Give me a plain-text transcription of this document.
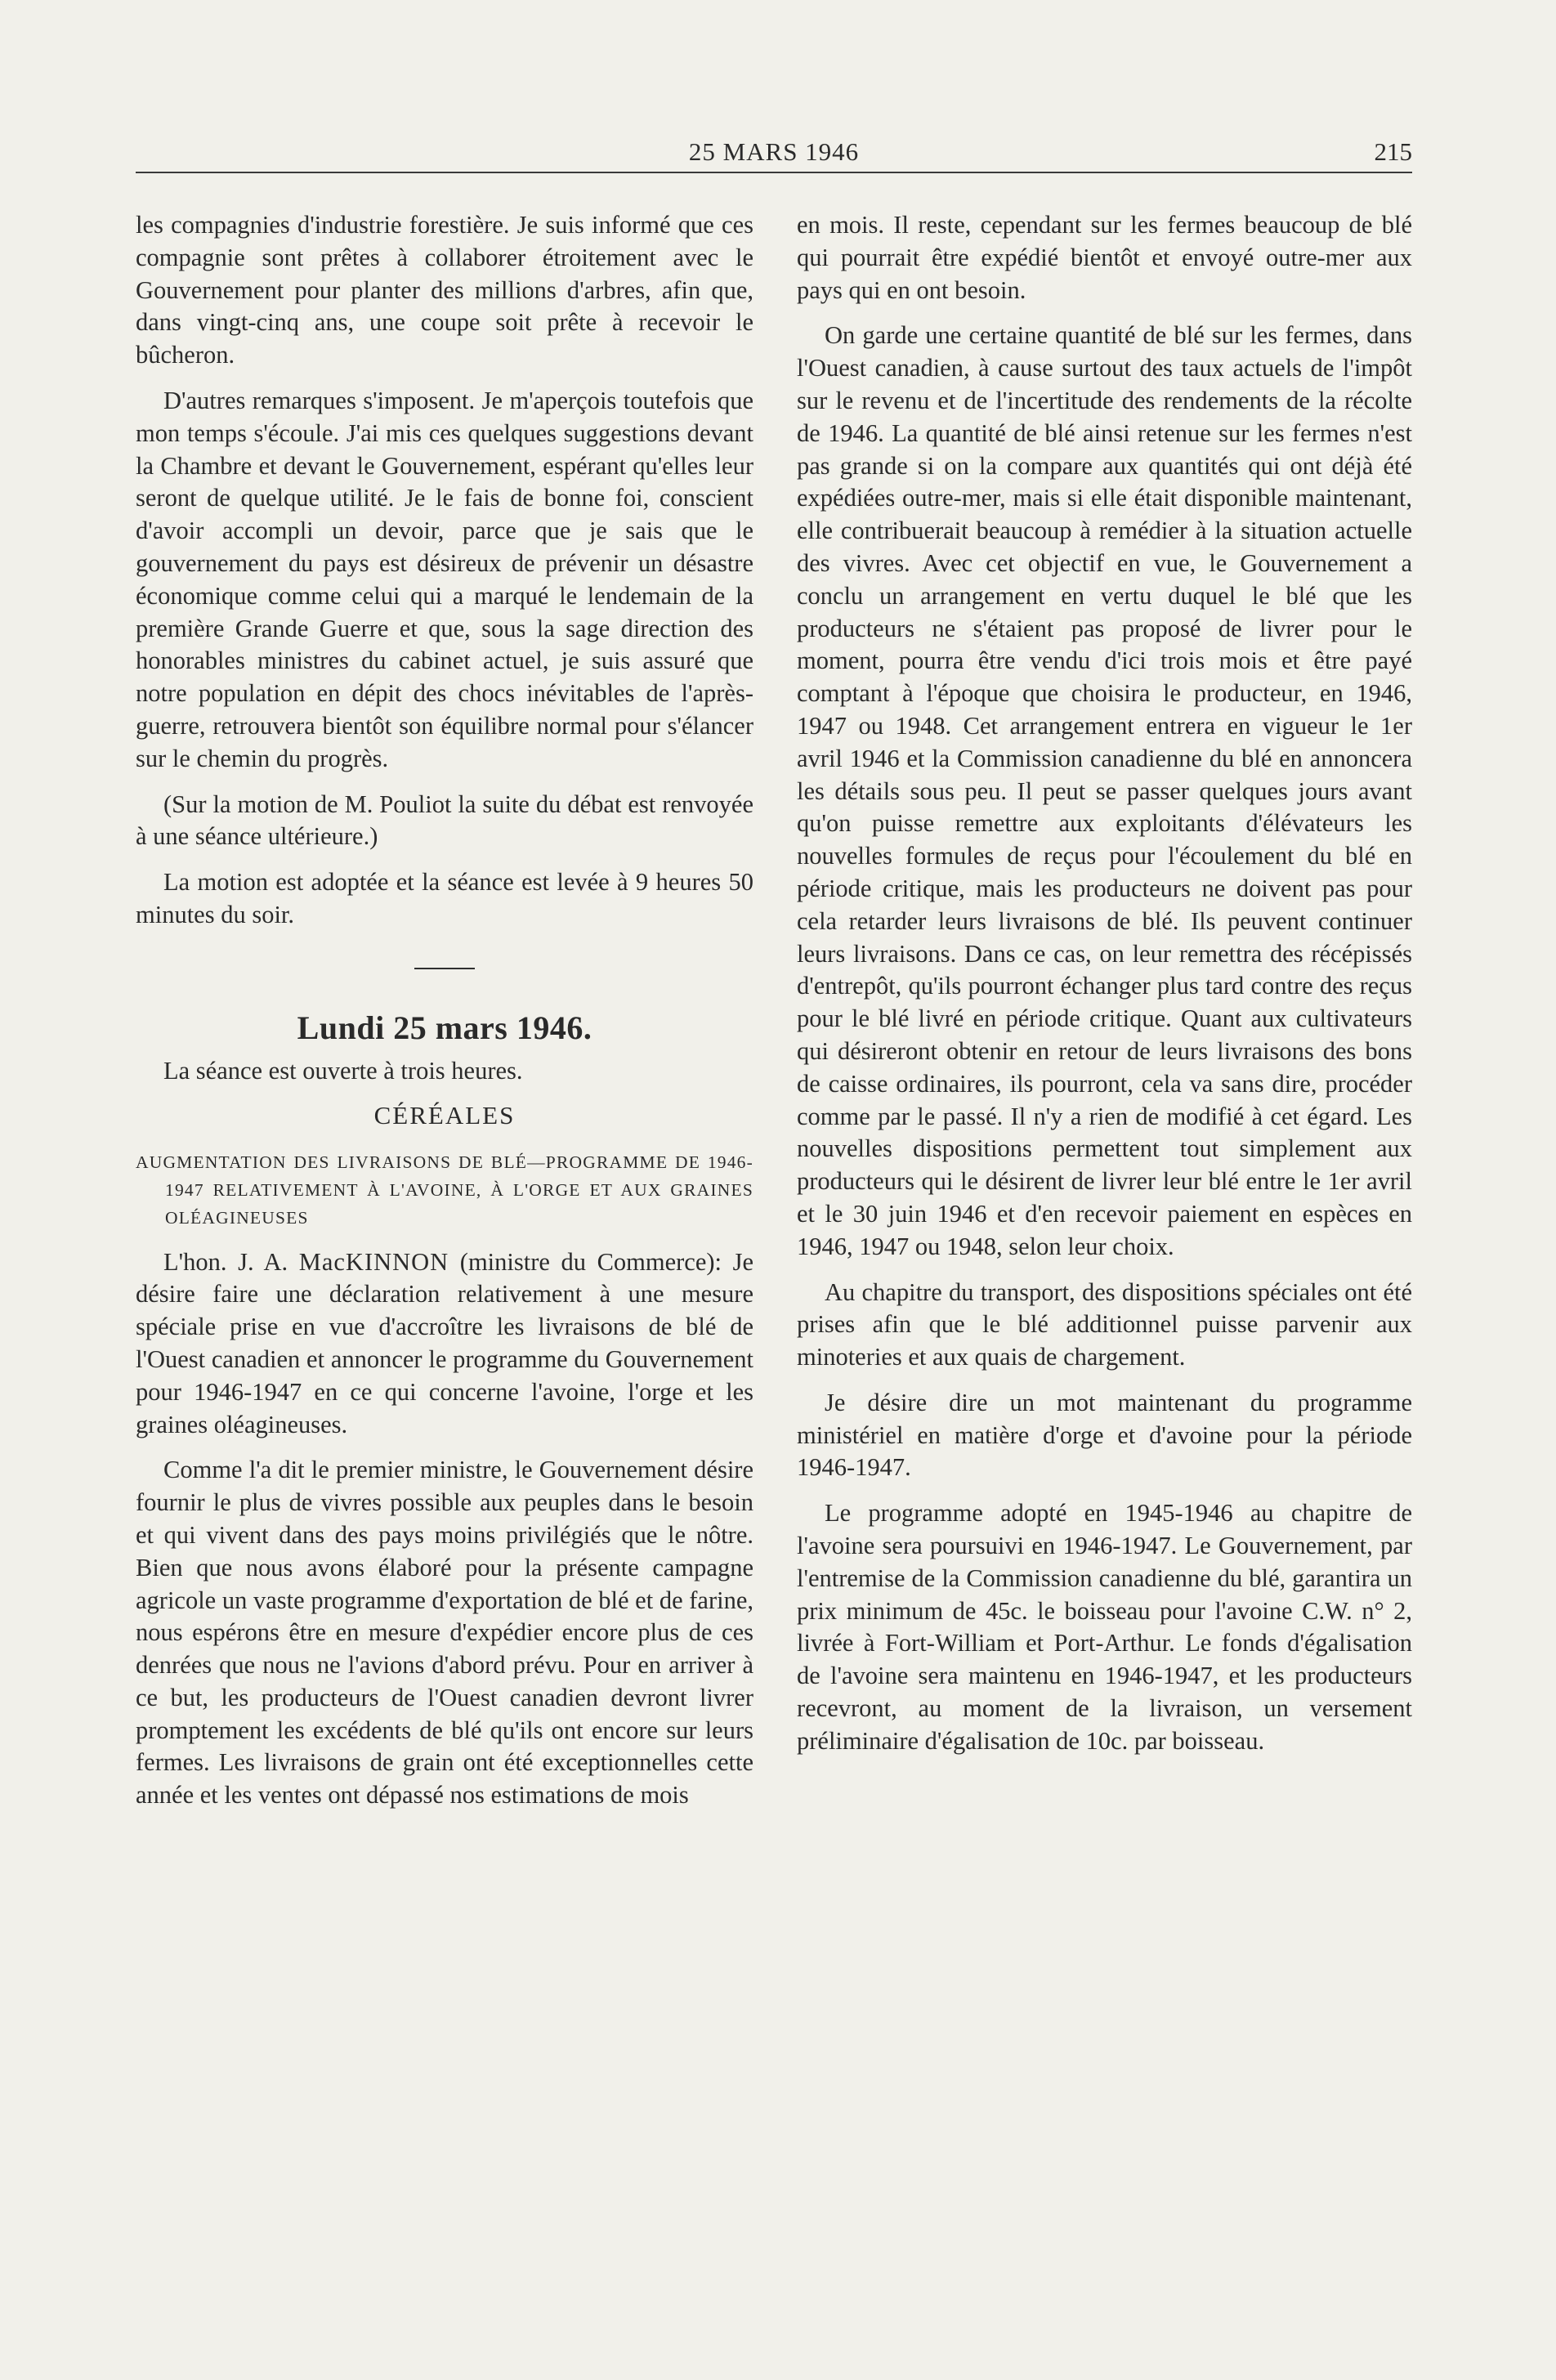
25 MARS 1946	215

les compagnies d'industrie forestière. Je suis informé que ces compagnie sont prêtes à collaborer étroitement avec le Gouvernement pour planter des millions d'arbres, afin que, dans vingt-cinq ans, une coupe soit prête à recevoir le bûcheron.

D'autres remarques s'imposent. Je m'aperçois toutefois que mon temps s'écoule. J'ai mis ces quelques suggestions devant la Chambre et devant le Gouvernement, espérant qu'elles leur seront de quelque utilité. Je le fais de bonne foi, conscient d'avoir accompli un devoir, parce que je sais que le gouvernement du pays est désireux de prévenir un désastre économique comme celui qui a marqué le lendemain de la première Grande Guerre et que, sous la sage direction des honorables ministres du cabinet actuel, je suis assuré que notre population en dépit des chocs inévitables de l'après-guerre, retrouvera bientôt son équilibre normal pour s'élancer sur le chemin du progrès.

(Sur la motion de M. Pouliot la suite du débat est renvoyée à une séance ultérieure.)

La motion est adoptée et la séance est levée à 9 heures 50 minutes du soir.

Lundi 25 mars 1946.

La séance est ouverte à trois heures.

CÉRÉALES
AUGMENTATION DES LIVRAISONS DE BLÉ—PROGRAMME DE 1946-1947 RELATIVEMENT À L'AVOINE, À L'ORGE ET AUX GRAINES OLÉAGINEUSES

L'hon. J. A. MacKINNON (ministre du Commerce): Je désire faire une déclaration relativement à une mesure spéciale prise en vue d'accroître les livraisons de blé de l'Ouest canadien et annoncer le programme du Gouvernement pour 1946-1947 en ce qui concerne l'avoine, l'orge et les graines oléagineuses.

Comme l'a dit le premier ministre, le Gouvernement désire fournir le plus de vivres possible aux peuples dans le besoin et qui vivent dans des pays moins privilégiés que le nôtre. Bien que nous avons élaboré pour la présente campagne agricole un vaste programme d'exportation de blé et de farine, nous espérons être en mesure d'expédier encore plus de ces denrées que nous ne l'avions d'abord prévu. Pour en arriver à ce but, les producteurs de l'Ouest canadien devront livrer promptement les excédents de blé qu'ils ont encore sur leurs fermes. Les livraisons de grain ont été exceptionnelles cette année et les ventes ont dépassé nos estimations de mois

en mois. Il reste, cependant sur les fermes beaucoup de blé qui pourrait être expédié bientôt et envoyé outre-mer aux pays qui en ont besoin.

On garde une certaine quantité de blé sur les fermes, dans l'Ouest canadien, à cause surtout des taux actuels de l'impôt sur le revenu et de l'incertitude des rendements de la récolte de 1946. La quantité de blé ainsi retenue sur les fermes n'est pas grande si on la compare aux quantités qui ont déjà été expédiées outre-mer, mais si elle était disponible maintenant, elle contribuerait beaucoup à remédier à la situation actuelle des vivres. Avec cet objectif en vue, le Gouvernement a conclu un arrangement en vertu duquel le blé que les producteurs ne s'étaient pas proposé de livrer pour le moment, pourra être vendu d'ici trois mois et être payé comptant à l'époque que choisira le producteur, en 1946, 1947 ou 1948. Cet arrangement entrera en vigueur le 1er avril 1946 et la Commission canadienne du blé en annoncera les détails sous peu. Il peut se passer quelques jours avant qu'on puisse remettre aux exploitants d'élévateurs les nouvelles formules de reçus pour l'écoulement du blé en période critique, mais les producteurs ne doivent pas pour cela retarder leurs livraisons de blé. Ils peuvent continuer leurs livraisons. Dans ce cas, on leur remettra des récépissés d'entrepôt, qu'ils pourront échanger plus tard contre des reçus pour le blé livré en période critique. Quant aux cultivateurs qui désireront obtenir en retour de leurs livraisons des bons de caisse ordinaires, ils pourront, cela va sans dire, procéder comme par le passé. Il n'y a rien de modifié à cet égard. Les nouvelles dispositions permettent tout simplement aux producteurs qui le désirent de livrer leur blé entre le 1er avril et le 30 juin 1946 et d'en recevoir paiement en espèces en 1946, 1947 ou 1948, selon leur choix.

Au chapitre du transport, des dispositions spéciales ont été prises afin que le blé additionnel puisse parvenir aux minoteries et aux quais de chargement.

Je désire dire un mot maintenant du programme ministériel en matière d'orge et d'avoine pour la période 1946-1947.

Le programme adopté en 1945-1946 au chapitre de l'avoine sera poursuivi en 1946-1947. Le Gouvernement, par l'entremise de la Commission canadienne du blé, garantira un prix minimum de 45c. le boisseau pour l'avoine C.W. n° 2, livrée à Fort-William et Port-Arthur. Le fonds d'égalisation de l'avoine sera maintenu en 1946-1947, et les producteurs recevront, au moment de la livraison, un versement préliminaire d'égalisation de 10c. par boisseau.
